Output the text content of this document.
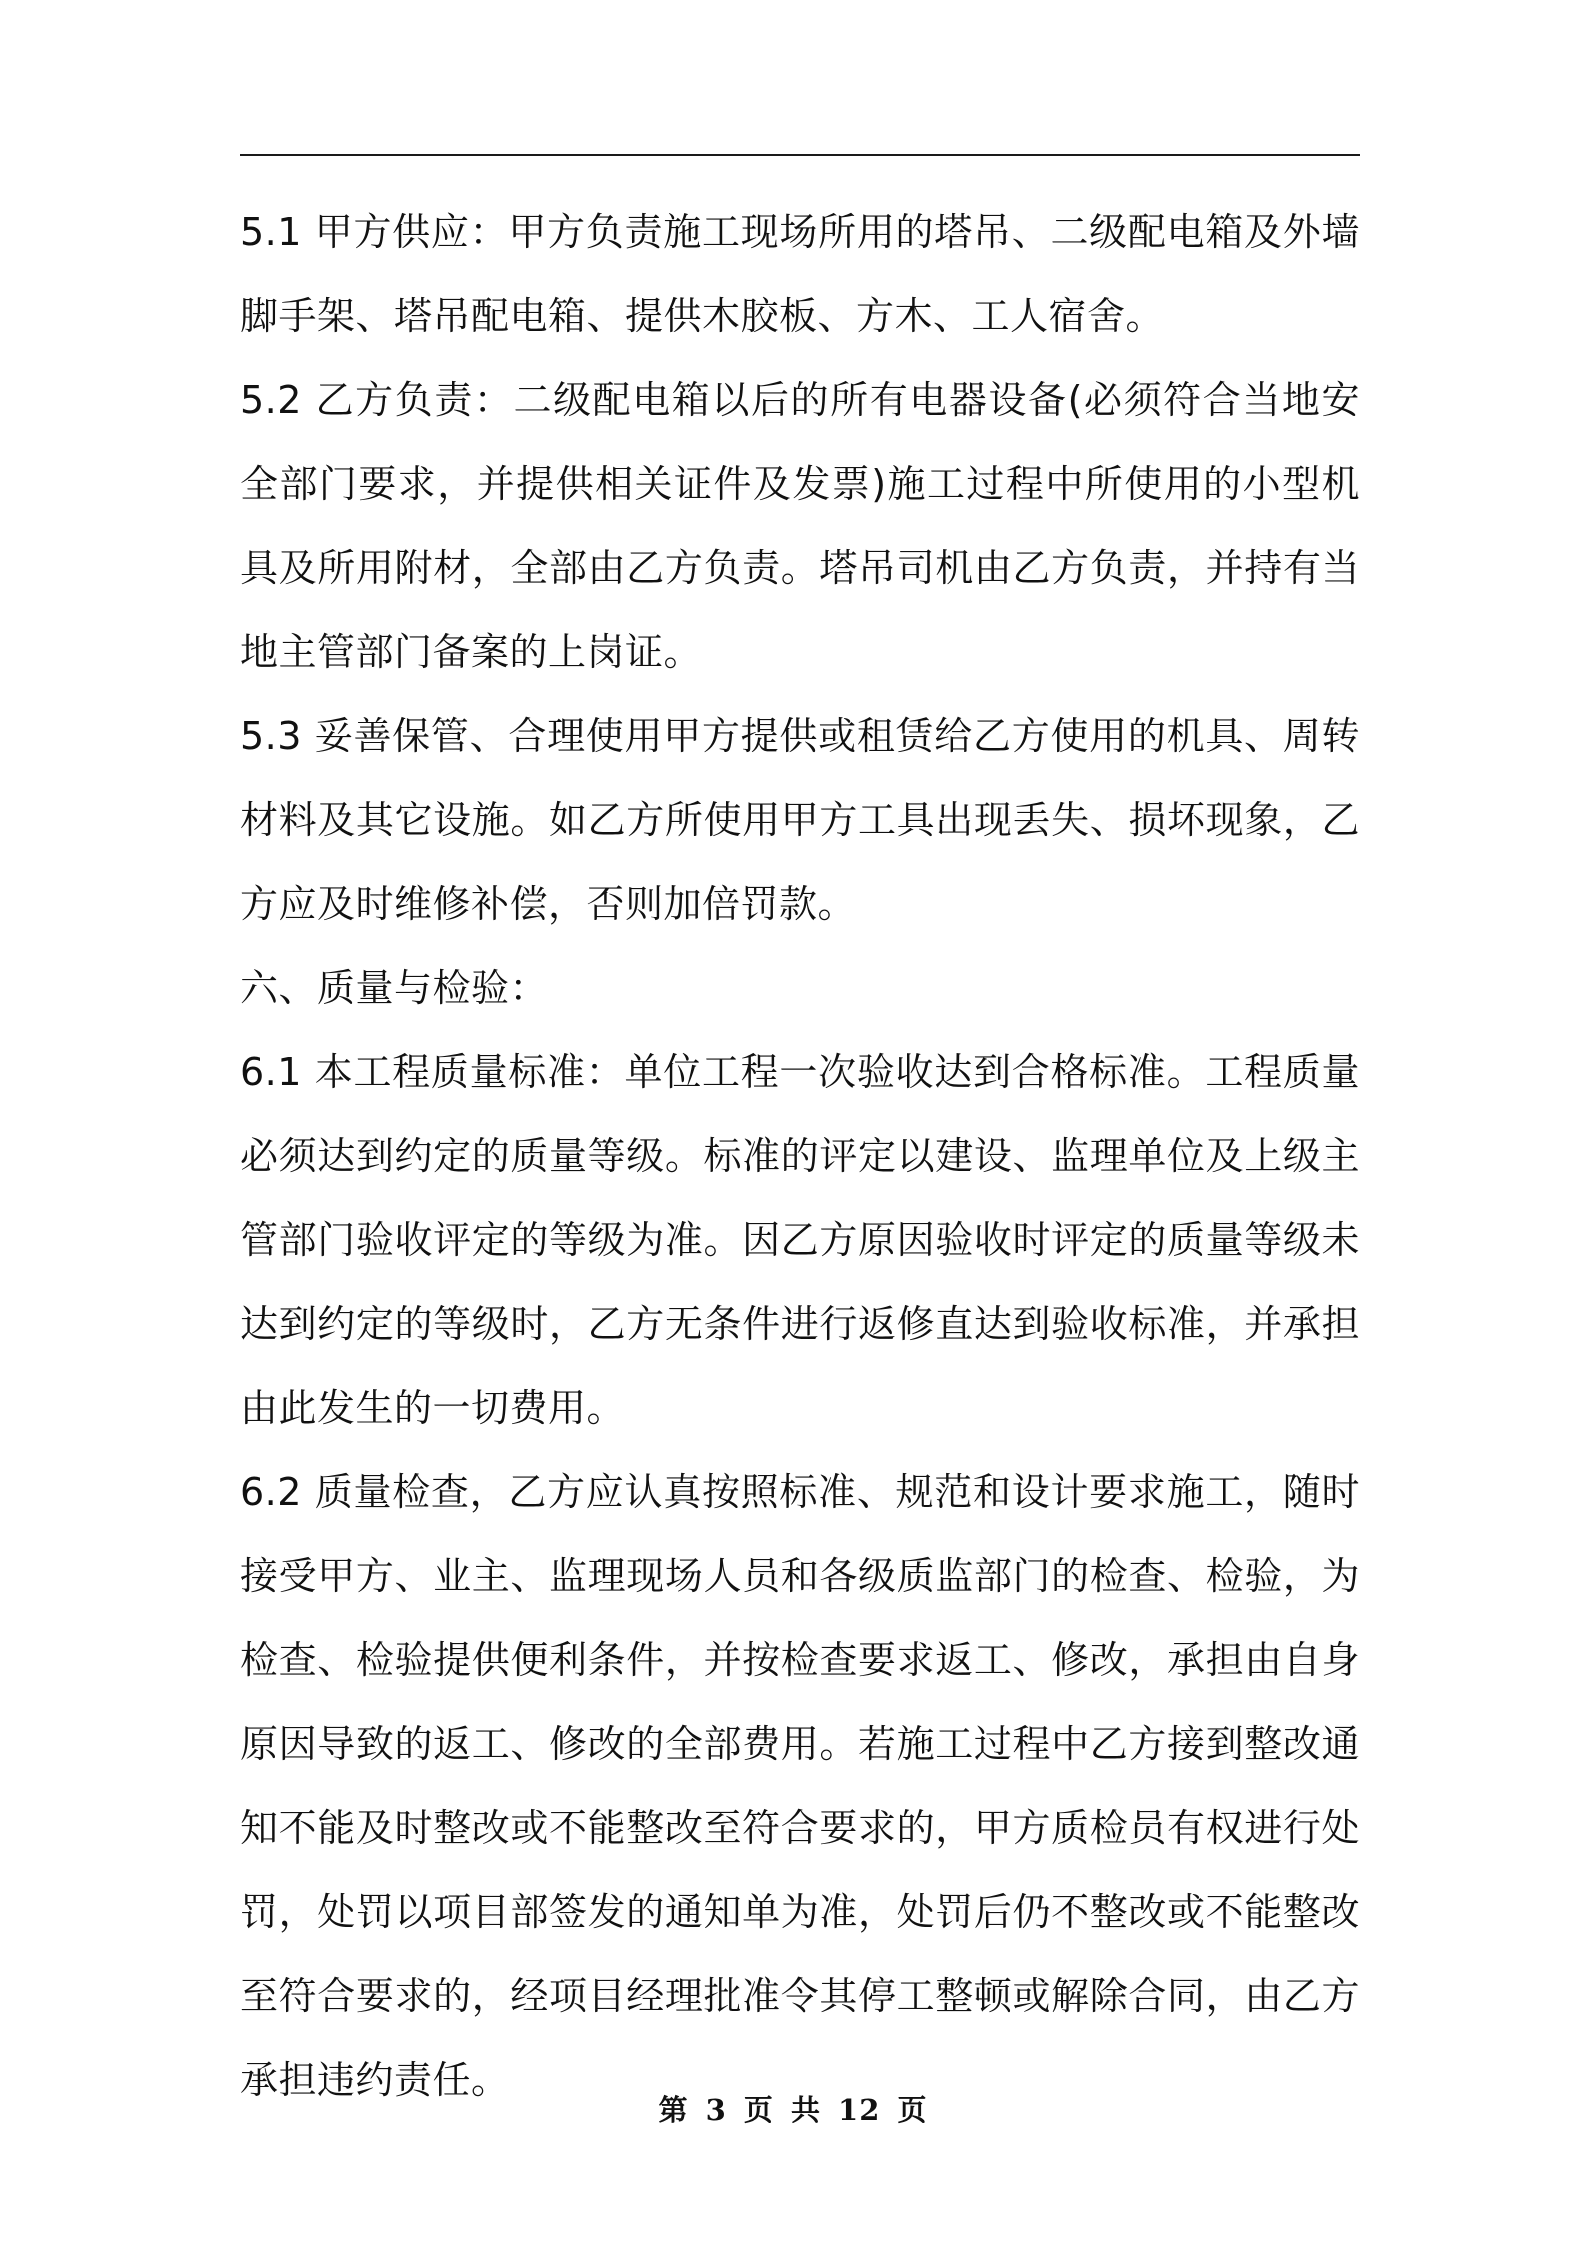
5.1 甲方供应：甲方负责施工现场所用的塔吊、二级配电箱及外墙脚手架、塔吊配电箱、提供木胶板、方木、工人宿舍。

5.2 乙方负责：二级配电箱以后的所有电器设备(必须符合当地安全部门要求，并提供相关证件及发票)施工过程中所使用的小型机具及所用附材，全部由乙方负责。塔吊司机由乙方负责，并持有当地主管部门备案的上岗证。

5.3 妥善保管、合理使用甲方提供或租赁给乙方使用的机具、周转材料及其它设施。如乙方所使用甲方工具出现丢失、损坏现象，乙方应及时维修补偿，否则加倍罚款。

六、质量与检验：

6.1 本工程质量标准：单位工程一次验收达到合格标准。工程质量必须达到约定的质量等级。标准的评定以建设、监理单位及上级主管部门验收评定的等级为准。因乙方原因验收时评定的质量等级未达到约定的等级时，乙方无条件进行返修直达到验收标准，并承担由此发生的一切费用。

6.2 质量检查，乙方应认真按照标准、规范和设计要求施工，随时接受甲方、业主、监理现场人员和各级质监部门的检查、检验，为检查、检验提供便利条件，并按检查要求返工、修改，承担由自身原因导致的返工、修改的全部费用。若施工过程中乙方接到整改通知不能及时整改或不能整改至符合要求的，甲方质检员有权进行处罚，处罚以项目部签发的通知单为准，处罚后仍不整改或不能整改至符合要求的，经项目经理批准令其停工整顿或解除合同，由乙方承担违约责任。

第 3 页 共 12 页
